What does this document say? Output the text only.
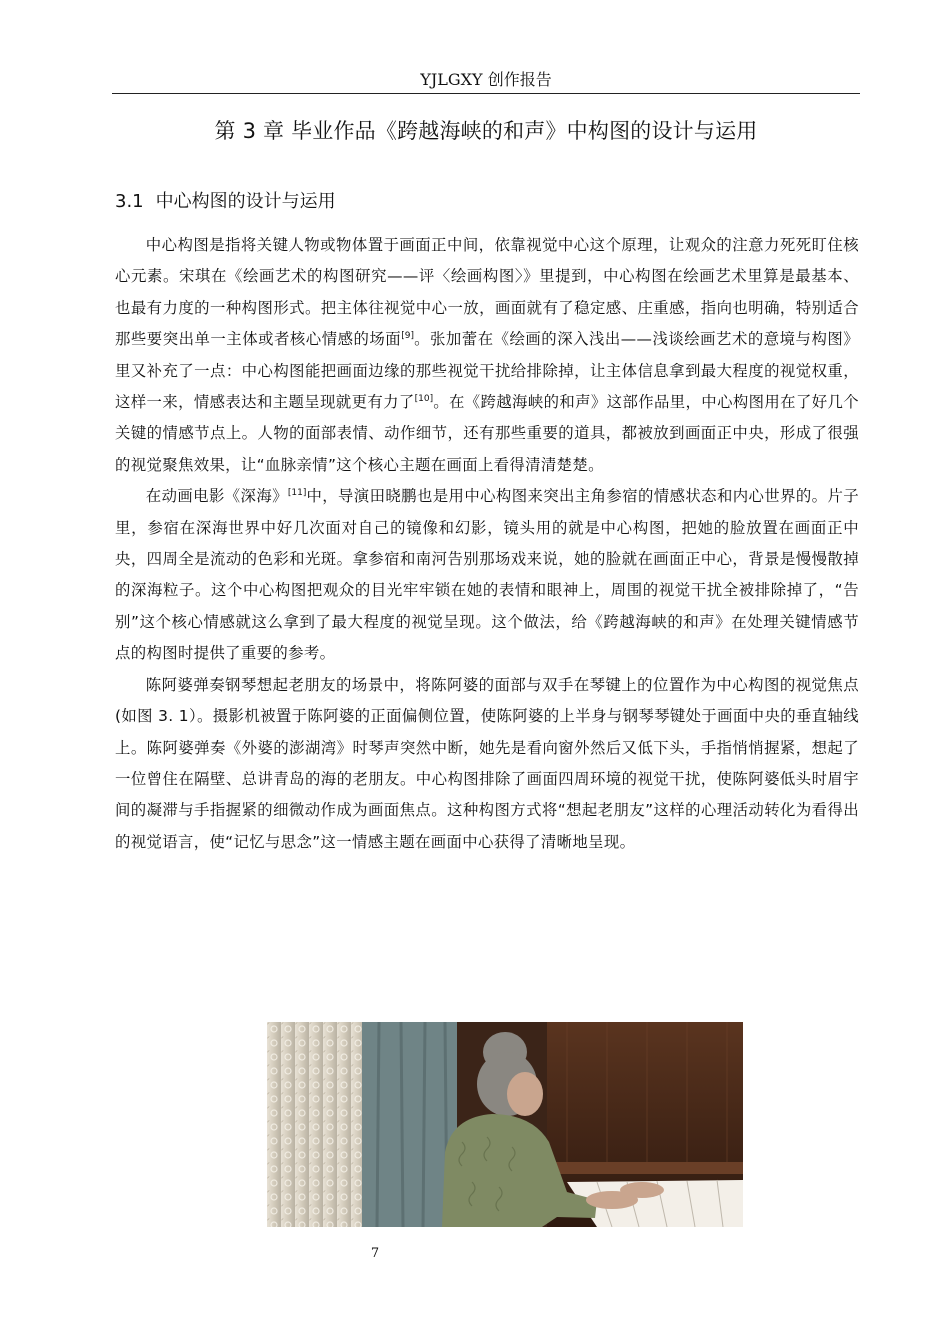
YJLGXY 创作报告
第 3 章 毕业作品《跨越海峡的和声》中构图的设计与运用
3.1 中心构图的设计与运用

中心构图是指将关键人物或物体置于画面正中间，依靠视觉中心这个原理，让观众的注意力死死盯住核心元素。宋琪在《绘画艺术的构图研究——评〈绘画构图〉》里提到，中心构图在绘画艺术里算是最基本、也最有力度的一种构图形式。把主体往视觉中心一放，画面就有了稳定感、庄重感，指向也明确，特别适合那些要突出单一主体或者核心情感的场面[9]。张加蕾在《绘画的深入浅出——浅谈绘画艺术的意境与构图》里又补充了一点：中心构图能把画面边缘的那些视觉干扰给排除掉，让主体信息拿到最大程度的视觉权重，这样一来，情感表达和主题呈现就更有力了[10]。在《跨越海峡的和声》这部作品里，中心构图用在了好几个关键的情感节点上。人物的面部表情、动作细节，还有那些重要的道具，都被放到画面正中央，形成了很强的视觉聚焦效果，让“血脉亲情”这个核心主题在画面上看得清清楚楚。

在动画电影《深海》[11]中，导演田晓鹏也是用中心构图来突出主角参宿的情感状态和内心世界的。片子里，参宿在深海世界中好几次面对自己的镜像和幻影，镜头用的就是中心构图，把她的脸放置在画面正中央，四周全是流动的色彩和光斑。拿参宿和南河告别那场戏来说，她的脸就在画面正中心，背景是慢慢散掉的深海粒子。这个中心构图把观众的目光牢牢锁在她的表情和眼神上，周围的视觉干扰全被排除掉了，“告别”这个核心情感就这么拿到了最大程度的视觉呈现。这个做法，给《跨越海峡的和声》在处理关键情感节点的构图时提供了重要的参考。

陈阿婆弹奏钢琴想起老朋友的场景中，将陈阿婆的面部与双手在琴键上的位置作为中心构图的视觉焦点(如图 3. 1）。摄影机被置于陈阿婆的正面偏侧位置，使陈阿婆的上半身与钢琴琴键处于画面中央的垂直轴线上。陈阿婆弹奏《外婆的澎湖湾》时琴声突然中断，她先是看向窗外然后又低下头，手指悄悄握紧，想起了一位曾住在隔壁、总讲青岛的海的老朋友。中心构图排除了画面四周环境的视觉干扰，使陈阿婆低头时眉宇间的凝滞与手指握紧的细微动作成为画面焦点。这种构图方式将“想起老朋友”这样的心理活动转化为看得出的视觉语言，使“记忆与思念”这一情感主题在画面中心获得了清晰地呈现。

7
